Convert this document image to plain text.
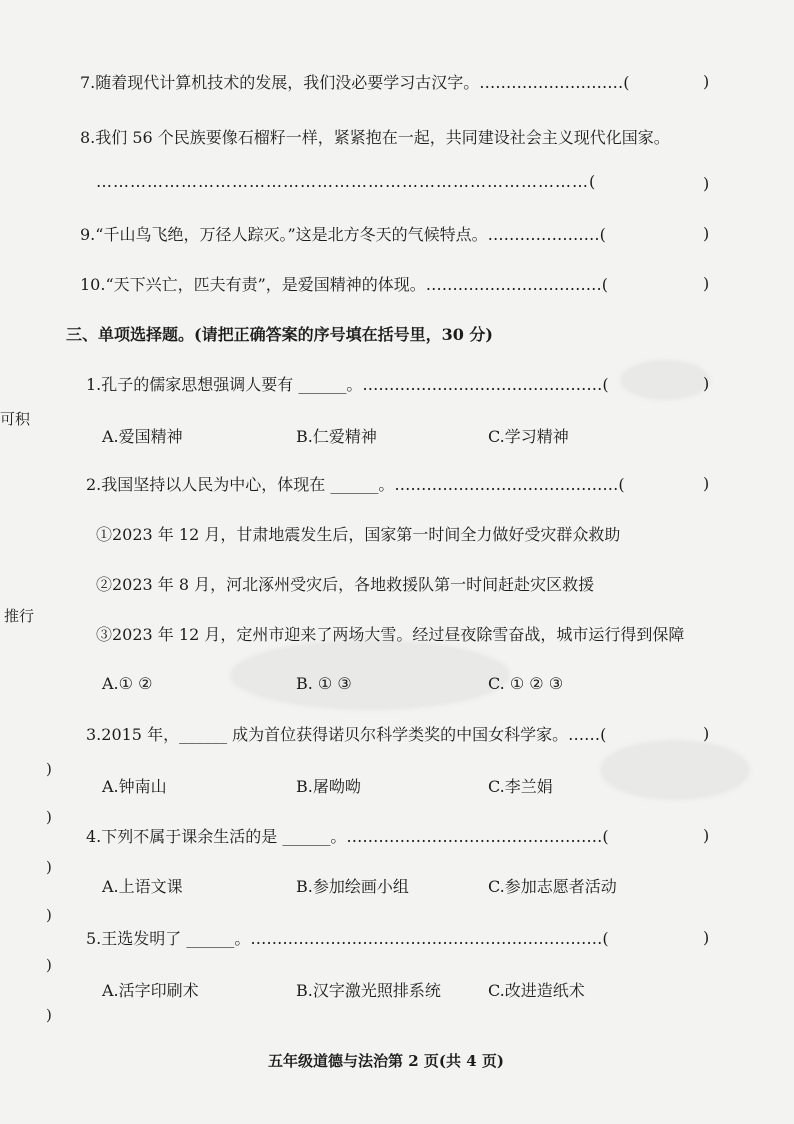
7.随着现代计算机技术的发展，我们没必要学习古汉字。………………………(	)
8.我们 56 个民族要像石榴籽一样，紧紧抱在一起，共同建设社会主义现代化国家。
……………………………………………………………………………(	)
9.“千山鸟飞绝，万径人踪灭。”这是北方冬天的气候特点。…………………(	)
10.“天下兴亡，匹夫有责”，是爱国精神的体现。……………………………(	)
三、单项选择题。(请把正确答案的序号填在括号里，30 分)
1.孔子的儒家思想强调人要有 ______。………………………………………(	)
A.爱国精神	B.仁爱精神	C.学习精神
2.我国坚持以人民为中心，体现在 ______。……………………………………(	)
①2023 年 12 月，甘肃地震发生后，国家第一时间全力做好受灾群众救助
②2023 年 8 月，河北涿州受灾后，各地救援队第一时间赶赴灾区救援
③2023 年 12 月，定州市迎来了两场大雪。经过昼夜除雪奋战，城市运行得到保障
A.① ②	B. ① ③	C. ① ② ③
3.2015 年，______ 成为首位获得诺贝尔科学类奖的中国女科学家。……(	)
A.钟南山	B.屠呦呦	C.李兰娟
4.下列不属于课余生活的是 ______。…………………………………………(	)
A.上语文课	B.参加绘画小组	C.参加志愿者活动
5.王选发明了 ______。…………………………………………………………(	)
A.活字印刷术	B.汉字激光照排系统	C.改进造纸术
可积
推行
)
)
)
)
)
)
五年级道德与法治第 2 页(共 4 页)
